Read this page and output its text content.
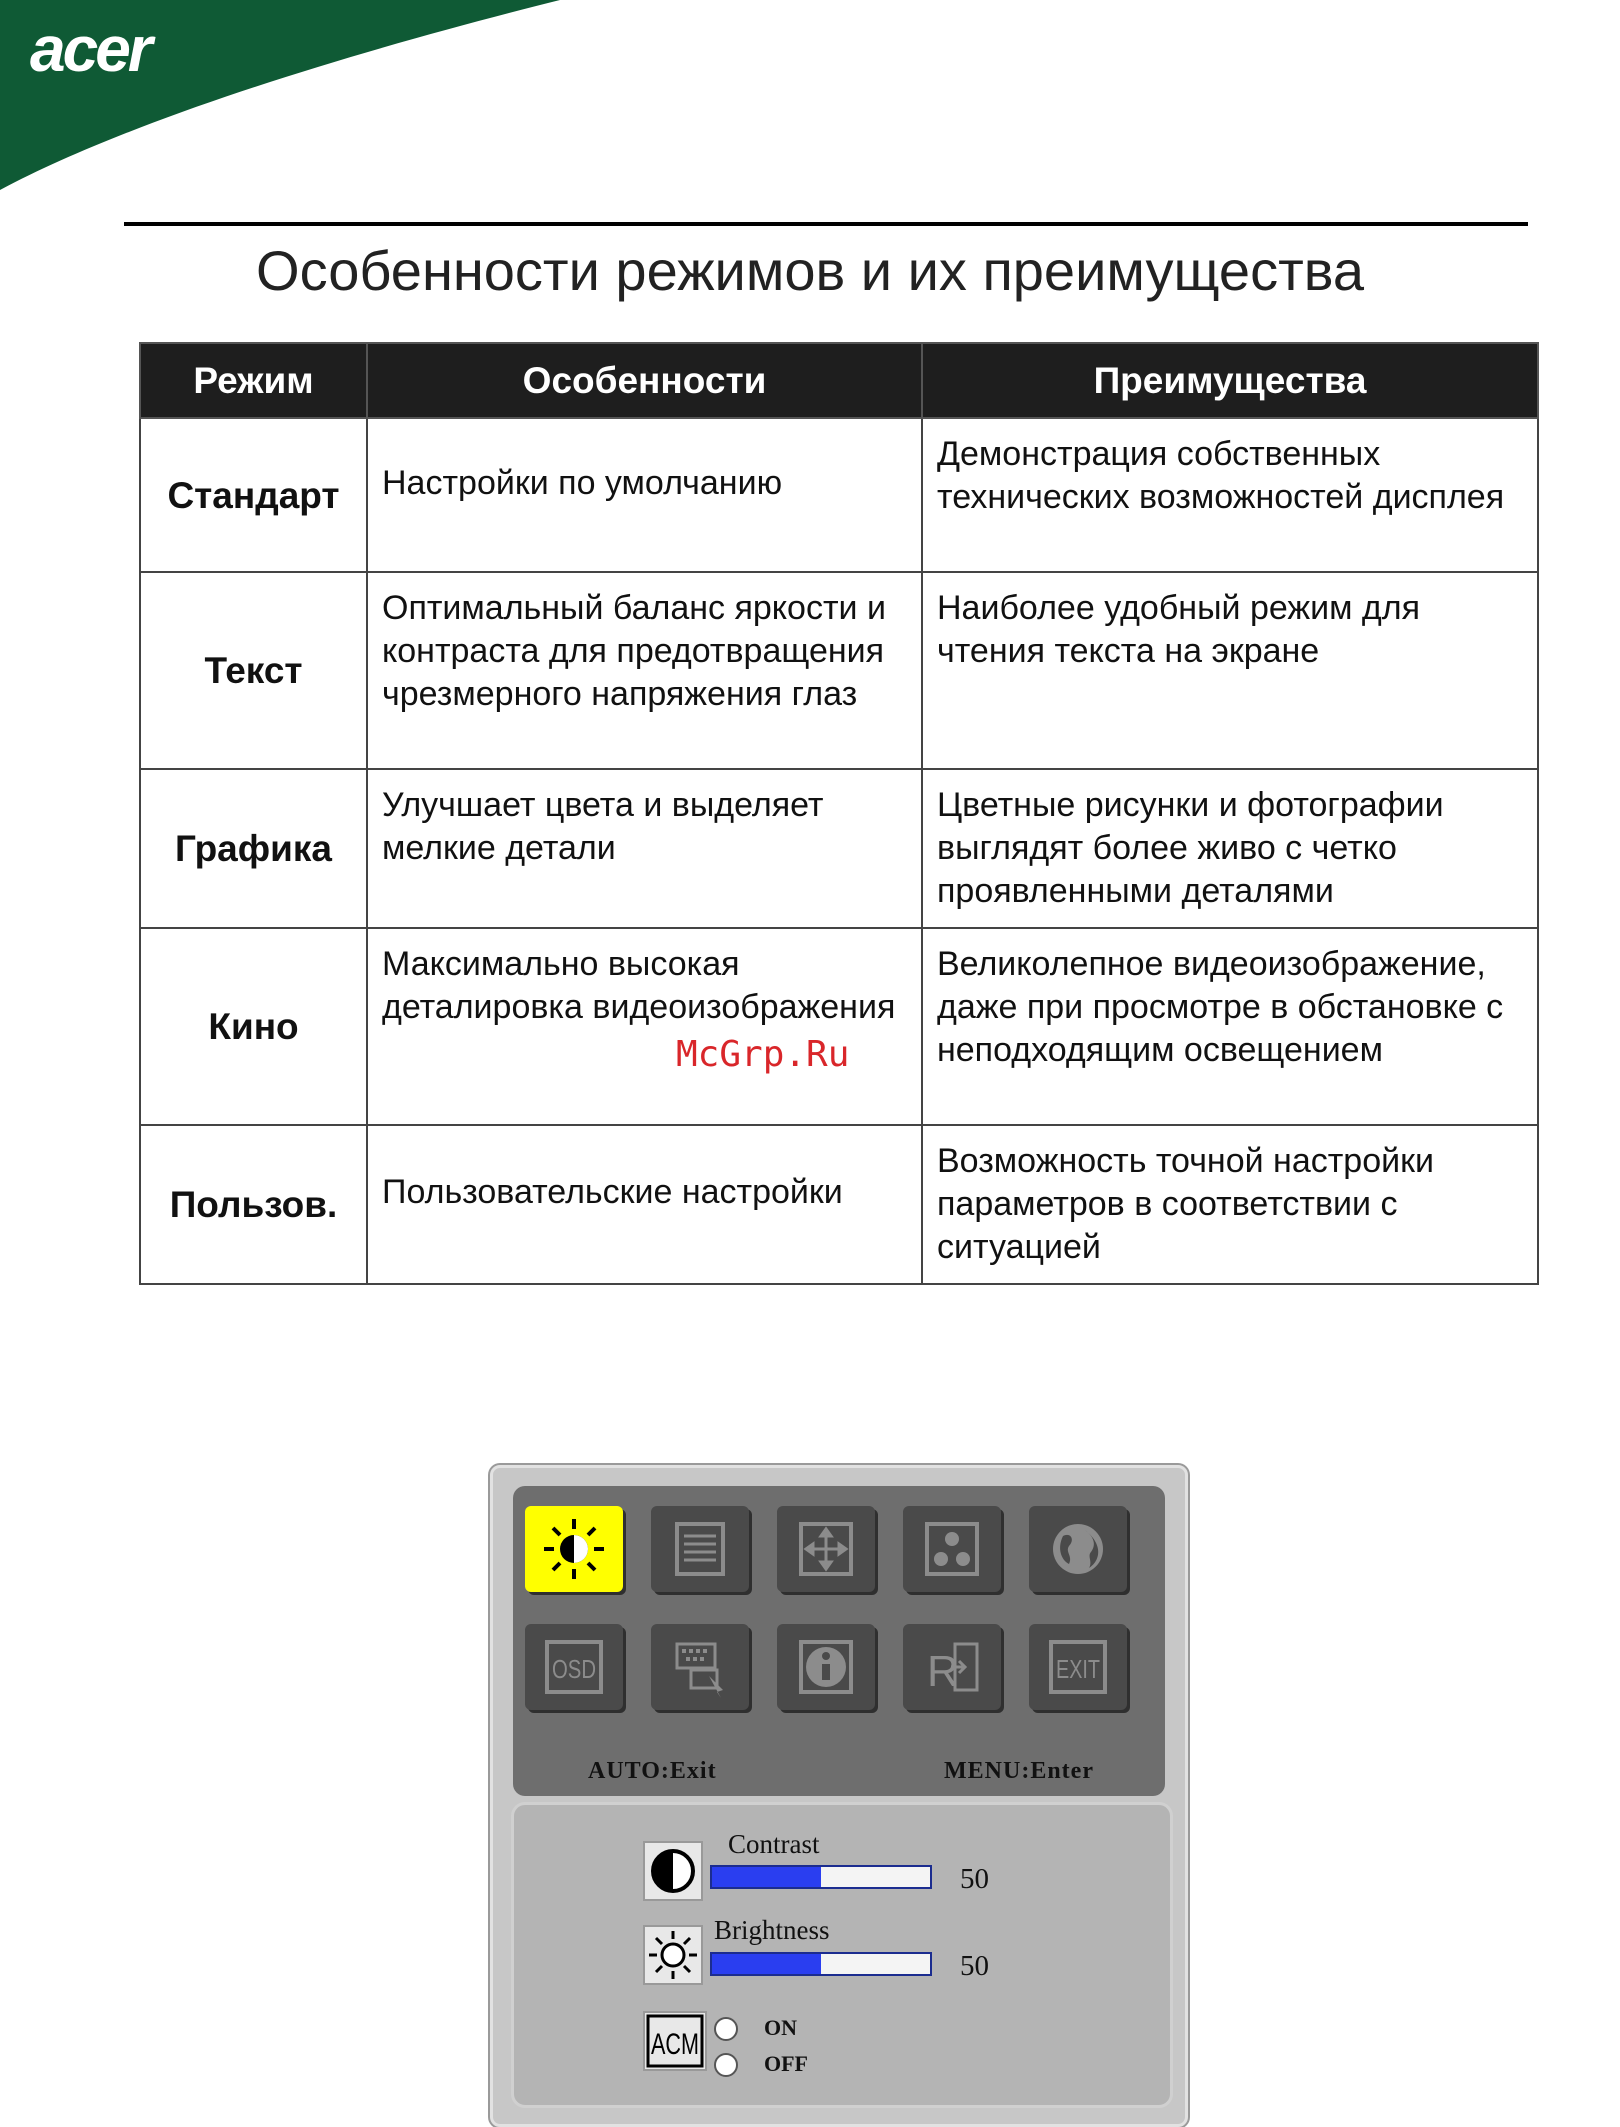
acer
Особенности режимов и их преимущества
Режим	Особенности	Преимущества
Стандарт	Настройки по умолчанию	Демонстрация собственных технических возможностей дисплея
Текст	Оптимальный баланс яркости и контраста для предотвращения чрезмерного напряжения глаз	Наиболее удобный режим для чтения текста на экране
Графика	Улучшает цвета и выделяет мелкие детали	Цветные рисунки и фотографии выглядят более живо с четко проявленными деталями
Кино	Максимально высокая деталировка видеоизображения	Великолепное видеоизображение, даже при просмотре в обстановке с неподходящим освещением
Пользов.	Пользовательские настройки	Возможность точной настройки параметров в соответствии с ситуацией
McGrp.Ru
OSD	R	EXIT
AUTO:Exit	MENU:Enter
Contrast
50
Brightness
50
ACM
ON
OFF
